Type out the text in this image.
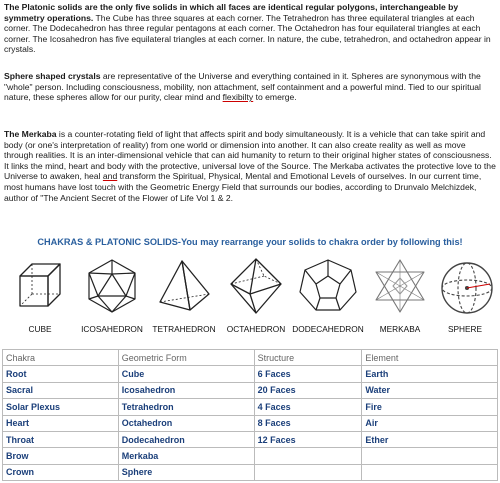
The Platonic solids are the only five solids in which all faces are identical regular polygons, interchangeable by symmetry operations. The Cube has three squares at each corner. The Tetrahedron has three equilateral triangles at each corner. The Dodecahedron has three regular pentagons at each corner. The Octahedron has four equilateral triangles at each corner. The Icosahedron has five equilateral triangles at each corner. In nature, the cube, tetrahedron, and octahedron appear in crystals.
Sphere shaped crystals are representative of the Universe and everything contained in it. Spheres are synonymous with the "whole" person. Including consciousness, mobility, non attachment, self containment and a powerful mind. Tied to our spiritual nature, these spheres allow for our purity, clear mind and flexibilty to emerge.
The Merkaba is a counter-rotating field of light that affects spirit and body simultaneously. It is a vehicle that can take spirit and body (or one's interpretation of reality) from one world or dimension into another. It can also create reality as well as move through realities. It is an inter-dimensional vehicle that can aid humanity to return to their original higher states of consciousness. It links the mind, heart and body with the protective, universal love of the Source. The Merkaba activates the protective love to the Universe to awaken, heal and transform the Spiritual, Physical, Mental and Emotional Levels of ourselves. In our current time, most humans have lost touch with the Geometric Energy Field that surrounds our bodies, according to Drunvalo Melchizdek, author of "The Ancient Secret of the Flower of Life Vol 1 & 2.
CHAKRAS & PLATONIC SOLIDS-You may rearrange your solids to chakra order by following this!
CUBE	ICOSAHEDRON	TETRAHEDRON	OCTAHEDRON DODECAHEDRON	MERKABA	SPHERE
Chakra	Geometric Form	Structure	Element
Root	Cube	6 Faces	Earth
Sacral	Icosahedron	20 Faces	Water
Solar Plexus	Tetrahedron	4 Faces	Fire
Heart	Octahedron	8 Faces	Air
Throat	Dodecahedron	12 Faces	Ether
Brow	Merkaba		
Crown	Sphere		
